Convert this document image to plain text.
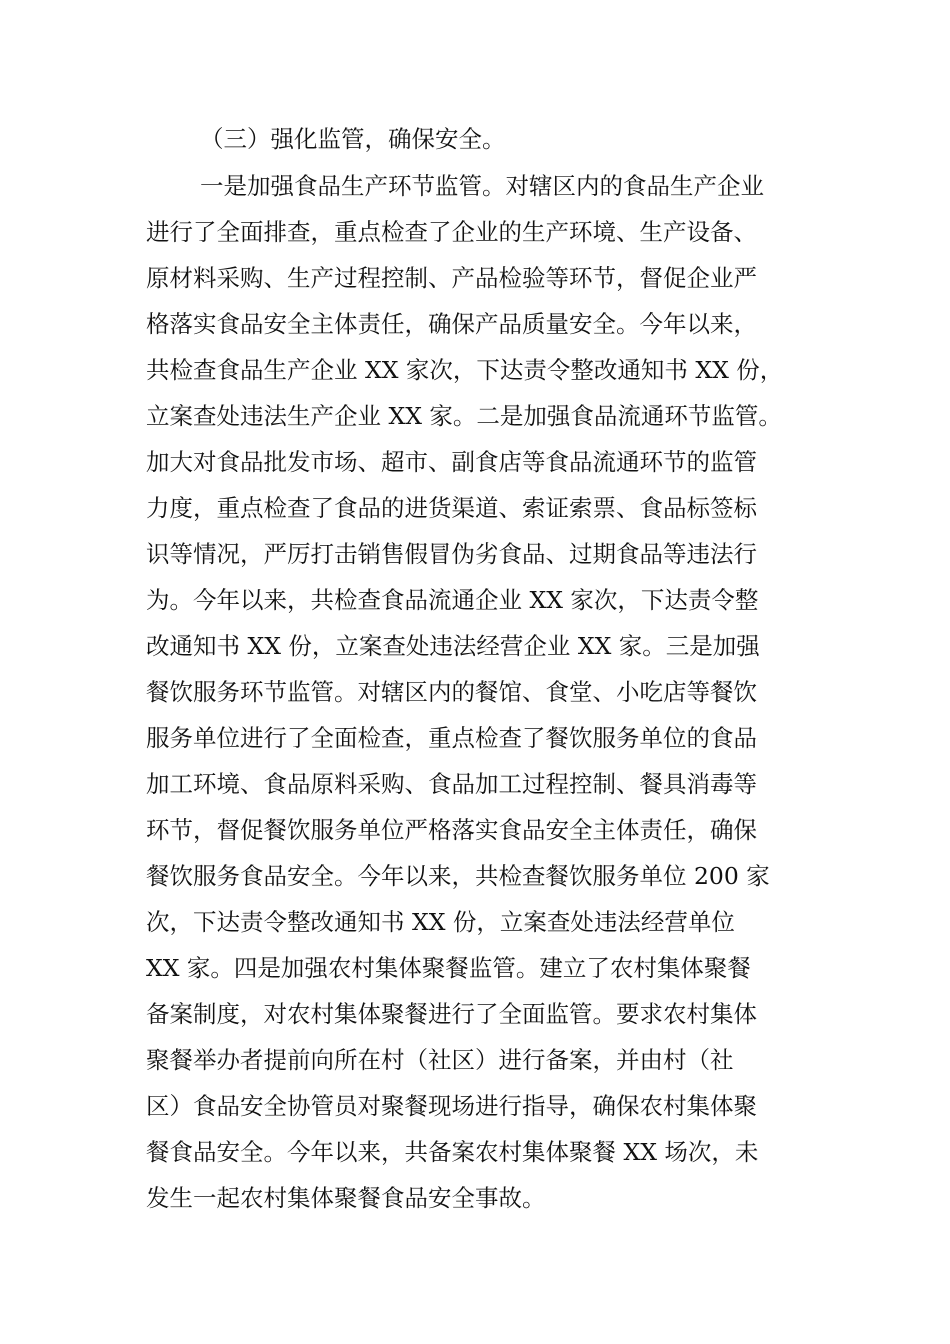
（三）强化监管，确保安全。
一是加强食品生产环节监管。对辖区内的食品生产企业
进行了全面排查，重点检查了企业的生产环境、生产设备、
原材料采购、生产过程控制、产品检验等环节，督促企业严
格落实食品安全主体责任，确保产品质量安全。今年以来，
共检查食品生产企业 XX 家次，下达责令整改通知书 XX 份，
立案查处违法生产企业 XX 家。二是加强食品流通环节监管。
加大对食品批发市场、超市、副食店等食品流通环节的监管
力度，重点检查了食品的进货渠道、索证索票、食品标签标
识等情况，严厉打击销售假冒伪劣食品、过期食品等违法行
为。今年以来，共检查食品流通企业 XX 家次，下达责令整
改通知书 XX 份，立案查处违法经营企业 XX 家。三是加强
餐饮服务环节监管。对辖区内的餐馆、食堂、小吃店等餐饮
服务单位进行了全面检查，重点检查了餐饮服务单位的食品
加工环境、食品原料采购、食品加工过程控制、餐具消毒等
环节，督促餐饮服务单位严格落实食品安全主体责任，确保
餐饮服务食品安全。今年以来，共检查餐饮服务单位 200 家
次，下达责令整改通知书 XX 份，立案查处违法经营单位
XX 家。四是加强农村集体聚餐监管。建立了农村集体聚餐
备案制度，对农村集体聚餐进行了全面监管。要求农村集体
聚餐举办者提前向所在村（社区）进行备案，并由村（社
区）食品安全协管员对聚餐现场进行指导，确保农村集体聚
餐食品安全。今年以来，共备案农村集体聚餐 XX 场次，未
发生一起农村集体聚餐食品安全事故。
